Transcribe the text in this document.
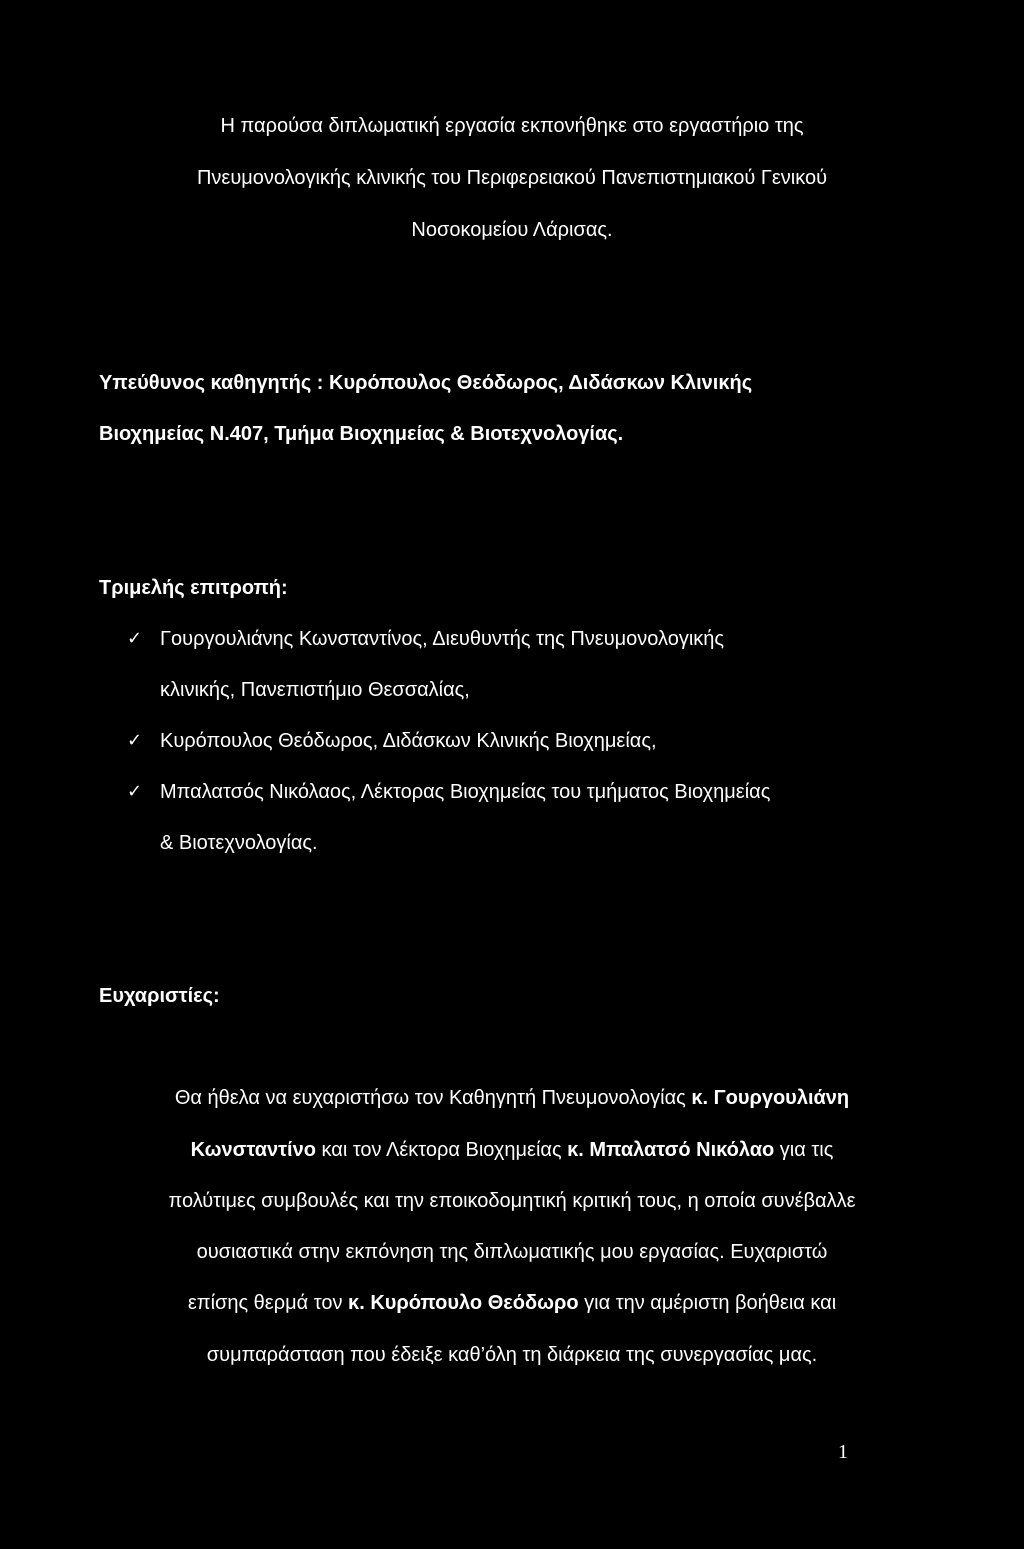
Η παρούσα διπλωματική εργασία εκπονήθηκε στο εργαστήριο της
Πνευμονολογικής κλινικής του Περιφερειακού Πανεπιστημιακού Γενικού
Νοσοκομείου Λάρισας.
Υπεύθυνος καθηγητής : Κυρόπουλος Θεόδωρος, Διδάσκων Κλινικής
Βιοχημείας Ν.407, Τμήμα Βιοχημείας & Βιοτεχνολογίας.
Τριμελής επιτροπή:
✓ Γουργουλιάνης Κωνσταντίνος, Διευθυντής της Πνευμονολογικής
κλινικής, Πανεπιστήμιο Θεσσαλίας,
✓ Κυρόπουλος Θεόδωρος, Διδάσκων Κλινικής Βιοχημείας,
✓ Μπαλατσός Νικόλαος, Λέκτορας Βιοχημείας του τμήματος Βιοχημείας
& Βιοτεχνολογίας.
Ευχαριστίες:
Θα ήθελα να ευχαριστήσω τον Καθηγητή Πνευμονολογίας κ. Γουργουλιάνη
Κωνσταντίνο και τον Λέκτορα Βιοχημείας κ. Μπαλατσό Νικόλαο για τις
πολύτιμες συμβουλές και την εποικοδομητική κριτική τους, η οποία συνέβαλλε
ουσιαστικά στην εκπόνηση της διπλωματικής μου εργασίας. Ευχαριστώ
επίσης θερμά τον κ. Κυρόπουλο Θεόδωρο για την αμέριστη βοήθεια και
συμπαράσταση που έδειξε καθ’όλη τη διάρκεια της συνεργασίας μας.
1
